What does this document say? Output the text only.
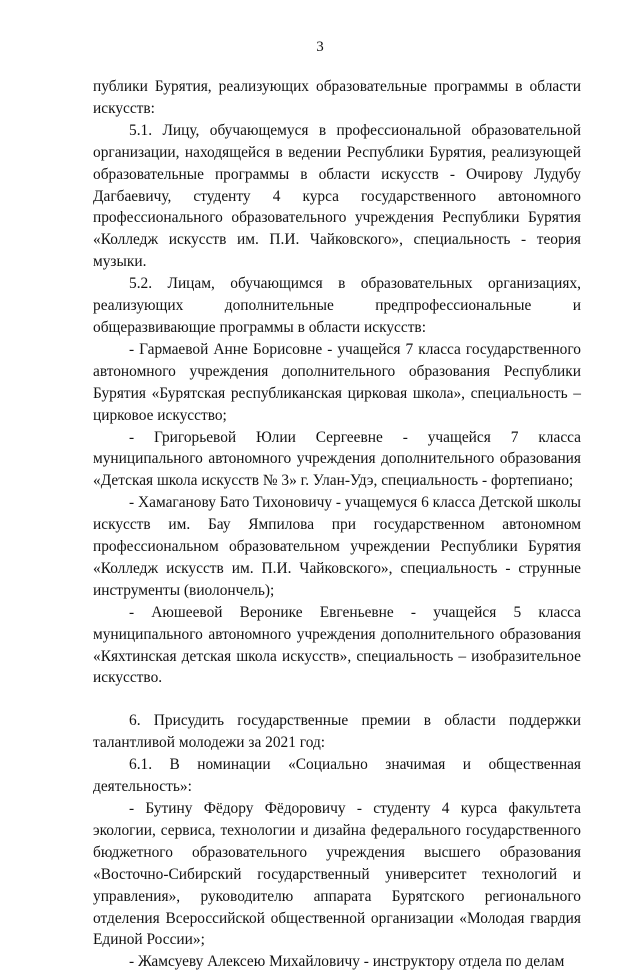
3

публики Бурятия, реализующих образовательные программы в области искусств:

5.1. Лицу, обучающемуся в профессиональной образовательной организации, находящейся в ведении Республики Бурятия, реализующей образовательные программы в области искусств - Очирову Лудубу Дагбаевичу, студенту 4 курса государственного автономного профессионального образовательного учреждения Республики Бурятия «Колледж искусств им. П.И. Чайковского», специальность - теория музыки.

5.2. Лицам, обучающимся в образовательных организациях, реализующих дополнительные предпрофессиональные и общеразвивающие программы в области искусств:

- Гармаевой Анне Борисовне - учащейся 7 класса государственного автономного учреждения дополнительного образования Республики Бурятия «Бурятская республиканская цирковая школа», специальность – цирковое искусство;

- Григорьевой Юлии Сергеевне - учащейся 7 класса муниципального автономного учреждения дополнительного образования «Детская школа искусств № 3» г. Улан-Удэ, специальность - фортепиано;

- Хамаганову Бато Тихоновичу - учащемуся 6 класса Детской школы искусств им. Бау Ямпилова при государственном автономном профессиональном образовательном учреждении Республики Бурятия «Колледж искусств им. П.И. Чайковского», специальность - струнные инструменты (виолончель);

- Аюшеевой Веронике Евгеньевне - учащейся 5 класса муниципального автономного учреждения дополнительного образования «Кяхтинская детская школа искусств», специальность – изобразительное искусство.

6. Присудить государственные премии в области поддержки талантливой молодежи за 2021 год:

6.1. В номинации «Социально значимая и общественная деятельность»:

- Бутину Фёдору Фёдоровичу - студенту 4 курса факультета экологии, сервиса, технологии и дизайна федерального государственного бюджетного образовательного учреждения высшего образования «Восточно-Сибирский государственный университет технологий и управления», руководителю аппарата Бурятского регионального отделения Всероссийской общественной организации «Молодая гвардия Единой России»;

- Жамсуеву Алексею Михайловичу - инструктору отдела по делам
